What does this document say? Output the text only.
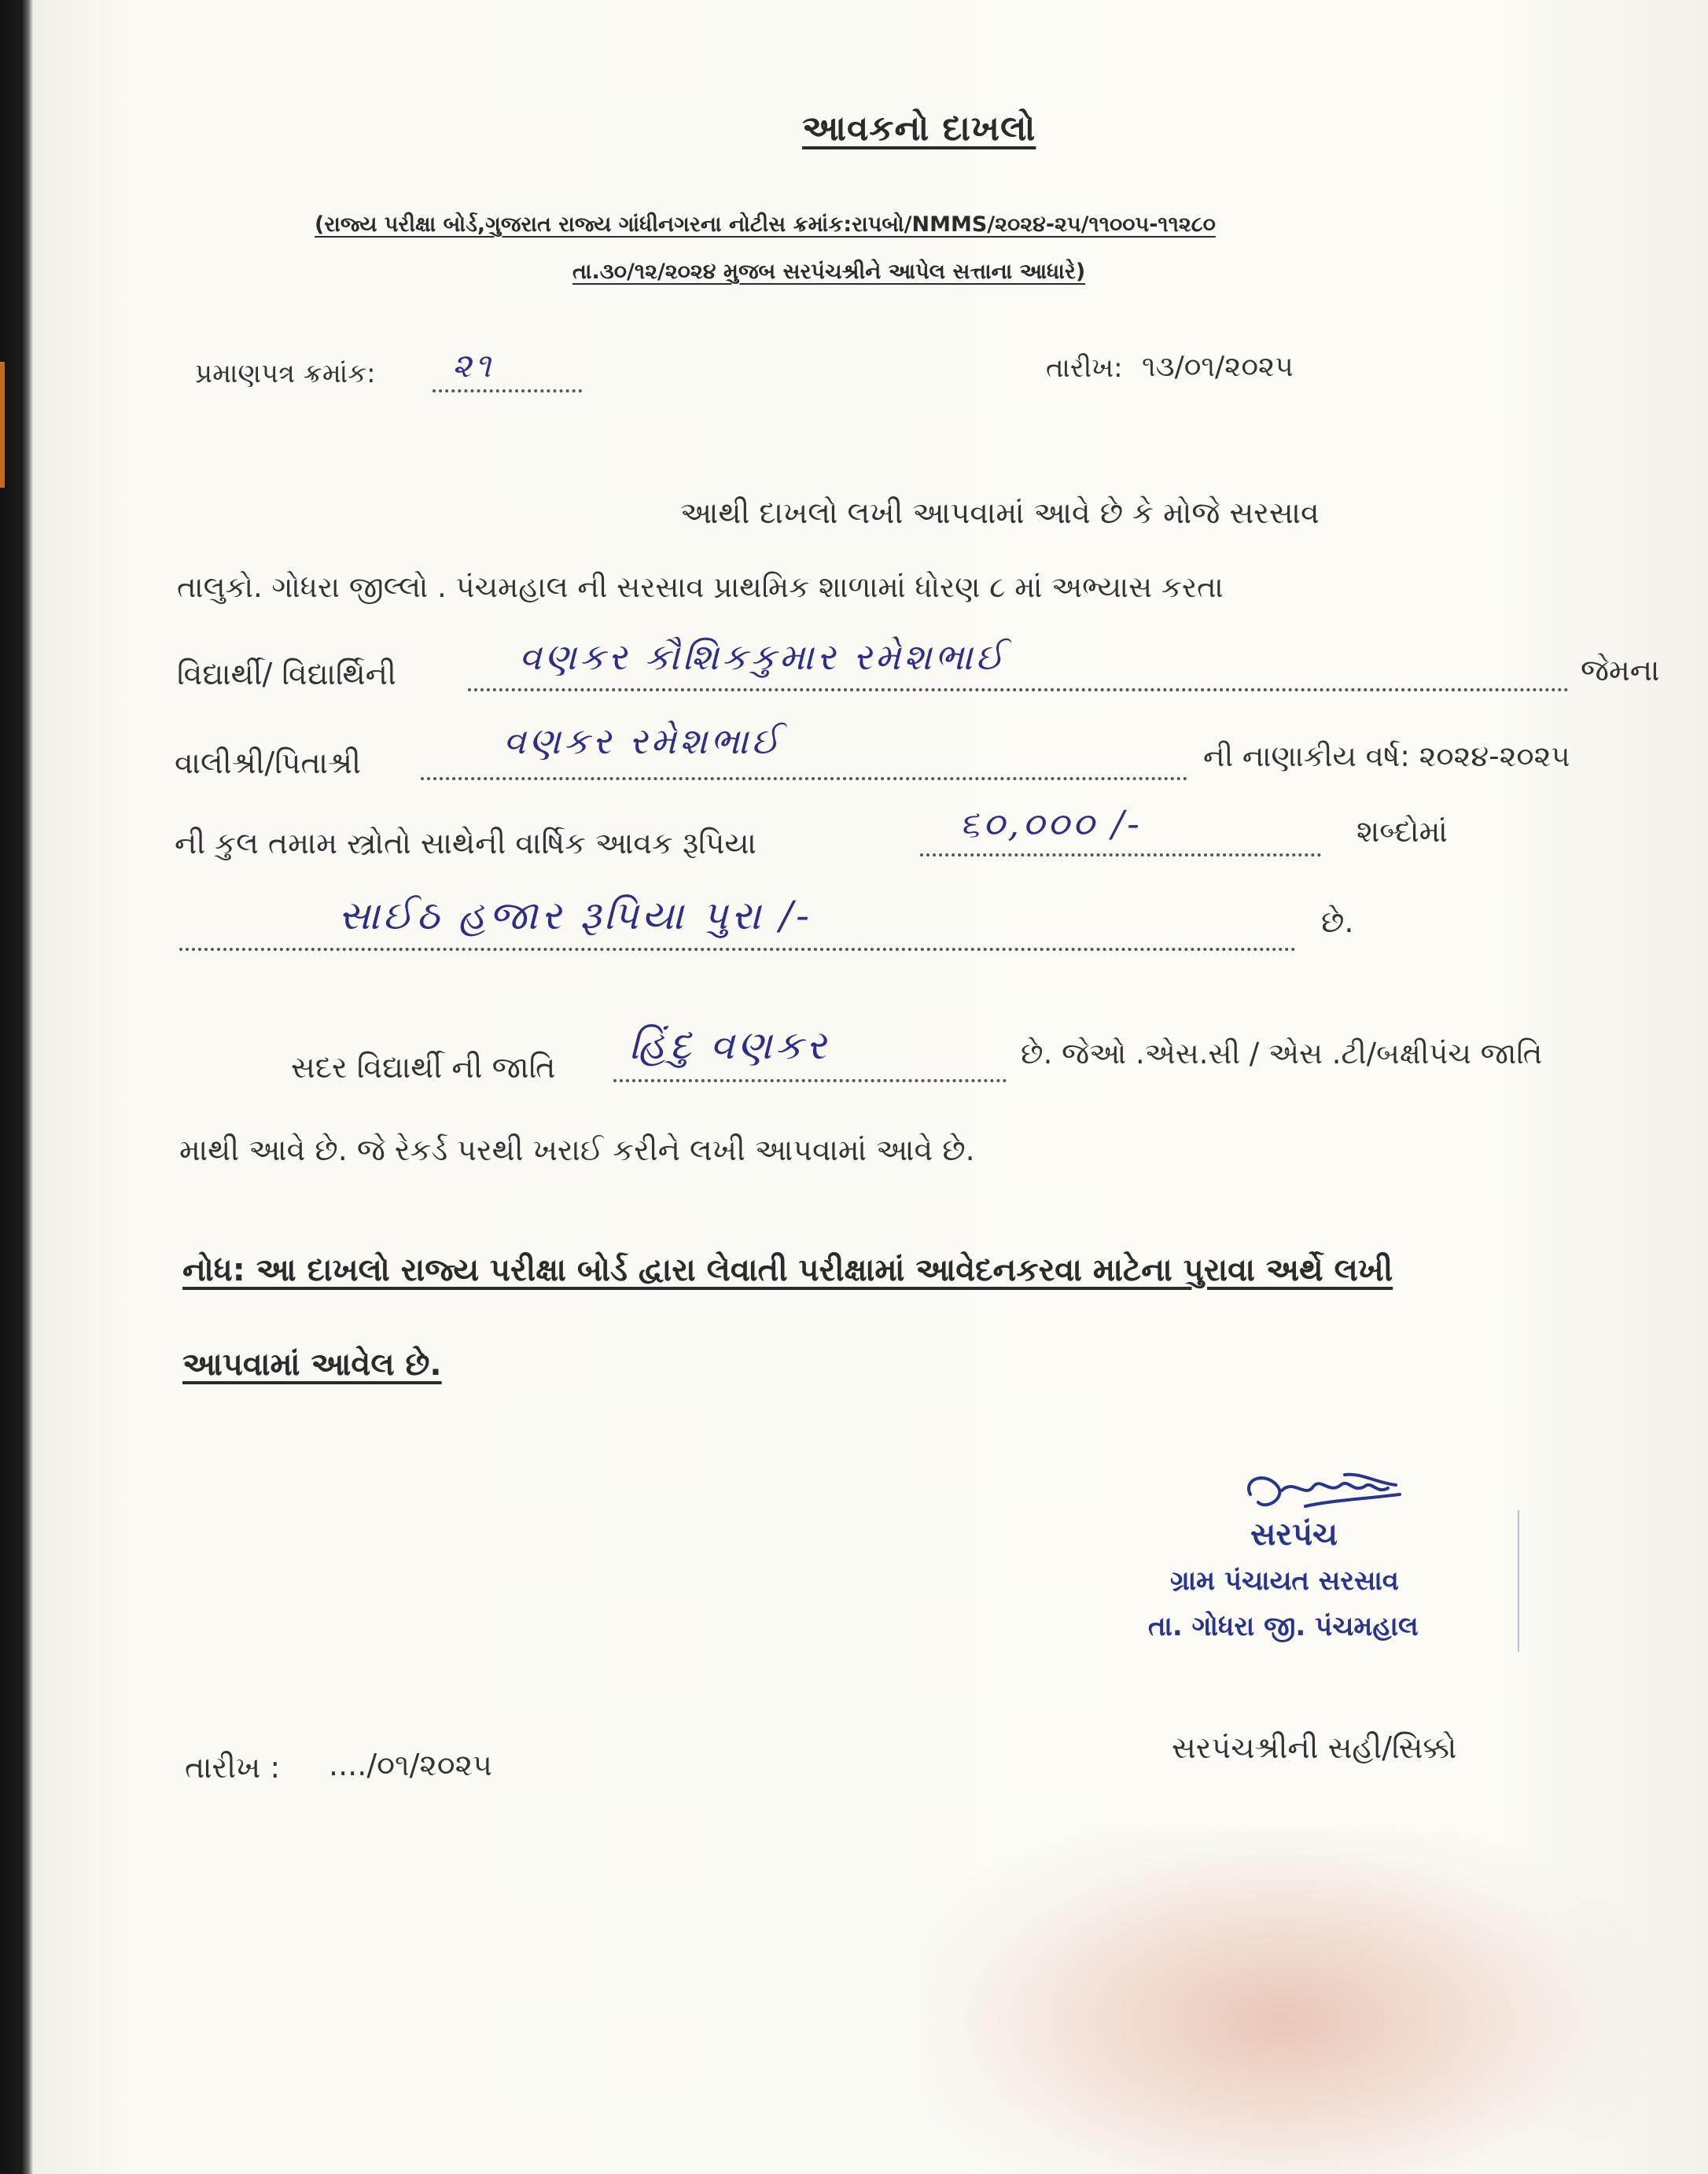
આવકનો દાખલો
(રાજ્ય પરીક્ષા બોર્ડ,ગુજરાત રાજ્ય ગાંધીનગરના નોટીસ ક્રમાંક:રાપબો/NMMS/૨૦૨૪-૨૫/૧૧૦૦૫-૧૧૨૮૦
તા.૩૦/૧૨/૨૦૨૪ મુજબ સરપંચશ્રીને આપેલ સત્તાના આધારે)
પ્રમાણપત્ર ક્રમાંક: ૨૧	તારીખ: ૧૩/૦૧/૨૦૨૫
આથી દાખલો લખી આપવામાં આવે છે કે મોજે સરસાવ
તાલુકો. ગોધરા જીલ્લો . પંચમહાલ ની સરસાવ પ્રાથમિક શાળામાં ધોરણ ૮ માં અભ્યાસ કરતા
વિદ્યાર્થી/ વિદ્યાર્થિની	વણકર કૌશિકકુમાર રમેશભાઈ	જેમના
વાલીશ્રી/પિતાશ્રી
વણકર રમેશભાઈ	ની નાણાકીય વર્ષ: ૨૦૨૪-૨૦૨૫
ની કુલ તમામ સ્ત્રોતો સાથેની વાર્ષિક આવક રૂપિયા	૬૦,૦૦૦ /-	શબ્દોમાં
સાઈઠ હજાર રૂપિયા પુરા /-	છે.
સદર વિદ્યાર્થી ની જાતિ હિંદુ વણકર	છે. જેઓ .એસ.સી / એસ .ટી/બક્ષીપંચ જાતિ
માથી આવે છે. જે રેકર્ડ પરથી ખરાઈ કરીને લખી આપવામાં આવે છે.
નોધ: આ દાખલો રાજ્ય પરીક્ષા બોર્ડ દ્વારા લેવાતી પરીક્ષામાં આવેદનકરવા માટેના પુરાવા અર્થે લખી
આપવામાં આવેલ છે.
સરપંચ
ગ્રામ પંચાયત સરસાવ
તા. ગોધરા જી. પંચમહાલ
તારીખ : ..../૦૧/૨૦૨૫	સરપંચશ્રીની સહી/સિક્કો
